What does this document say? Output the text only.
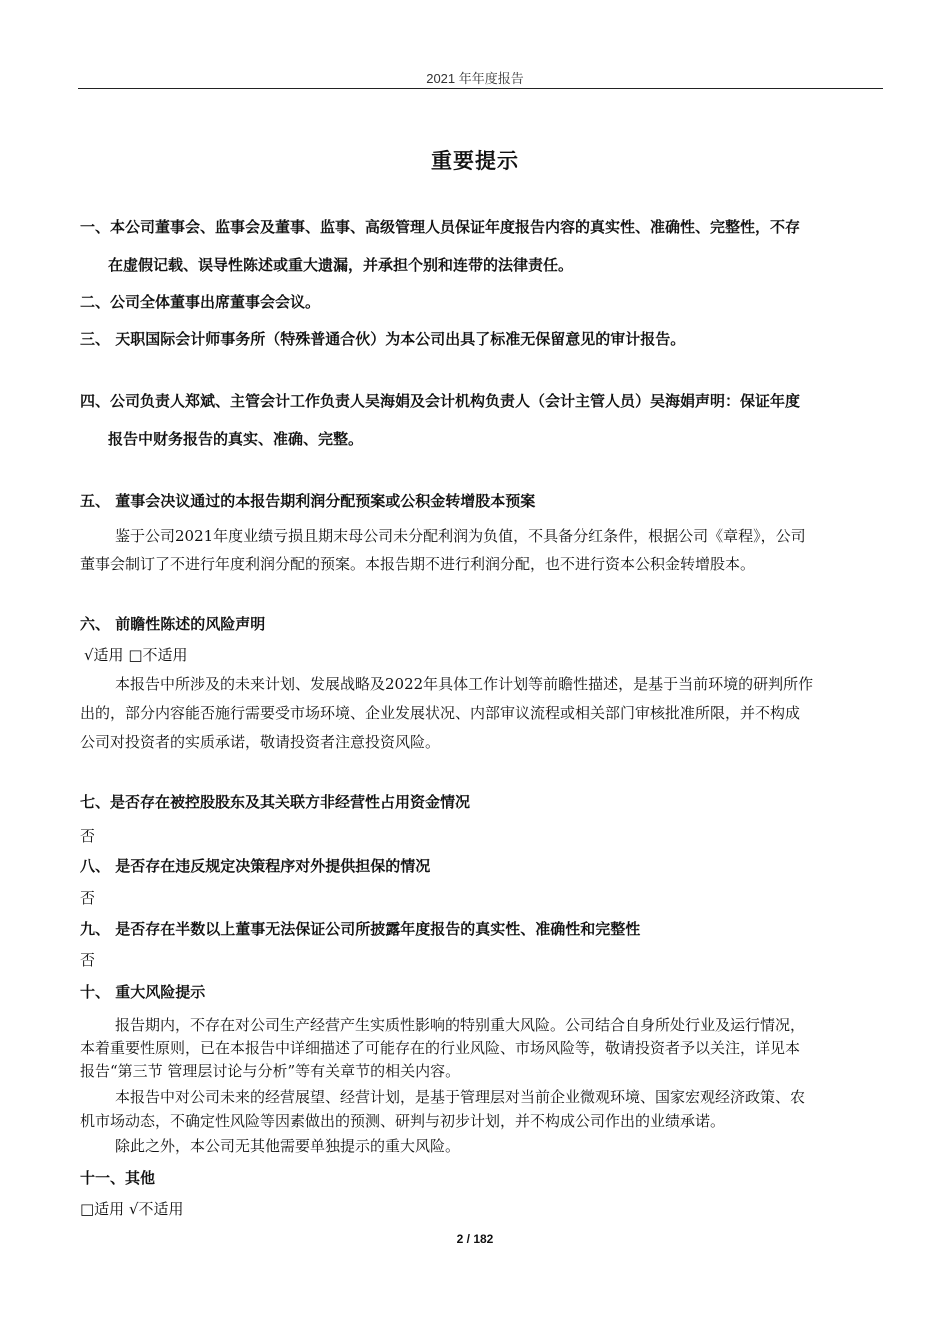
2021 年年度报告
重要提示
一、本公司董事会、监事会及董事、监事、高级管理人员保证年度报告内容的真实性、准确性、完整性，不存
在虚假记载、误导性陈述或重大遗漏，并承担个别和连带的法律责任。
二、公司全体董事出席董事会会议。
三、 天职国际会计师事务所（特殊普通合伙）为本公司出具了标准无保留意见的审计报告。
四、公司负责人郑斌、主管会计工作负责人吴海娟及会计机构负责人（会计主管人员）吴海娟声明：保证年度
报告中财务报告的真实、准确、完整。
五、 董事会决议通过的本报告期利润分配预案或公积金转增股本预案
鉴于公司2021年度业绩亏损且期末母公司未分配利润为负值，不具备分红条件，根据公司《章程》，公司
董事会制订了不进行年度利润分配的预案。本报告期不进行利润分配，也不进行资本公积金转增股本。
六、 前瞻性陈述的风险声明
√适用 □不适用
本报告中所涉及的未来计划、发展战略及2022年具体工作计划等前瞻性描述，是基于当前环境的研判所作
出的，部分内容能否施行需要受市场环境、企业发展状况、内部审议流程或相关部门审核批准所限，并不构成
公司对投资者的实质承诺，敬请投资者注意投资风险。
七、是否存在被控股股东及其关联方非经营性占用资金情况
否
八、 是否存在违反规定决策程序对外提供担保的情况
否
九、 是否存在半数以上董事无法保证公司所披露年度报告的真实性、准确性和完整性
否
十、 重大风险提示
报告期内，不存在对公司生产经营产生实质性影响的特别重大风险。公司结合自身所处行业及运行情况，
本着重要性原则，已在本报告中详细描述了可能存在的行业风险、市场风险等，敬请投资者予以关注，详见本
报告“第三节 管理层讨论与分析”等有关章节的相关内容。
本报告中对公司未来的经营展望、经营计划，是基于管理层对当前企业微观环境、国家宏观经济政策、农
机市场动态，不确定性风险等因素做出的预测、研判与初步计划，并不构成公司作出的业绩承诺。
除此之外，本公司无其他需要单独提示的重大风险。
十一、其他
□适用 √不适用
2 / 182
